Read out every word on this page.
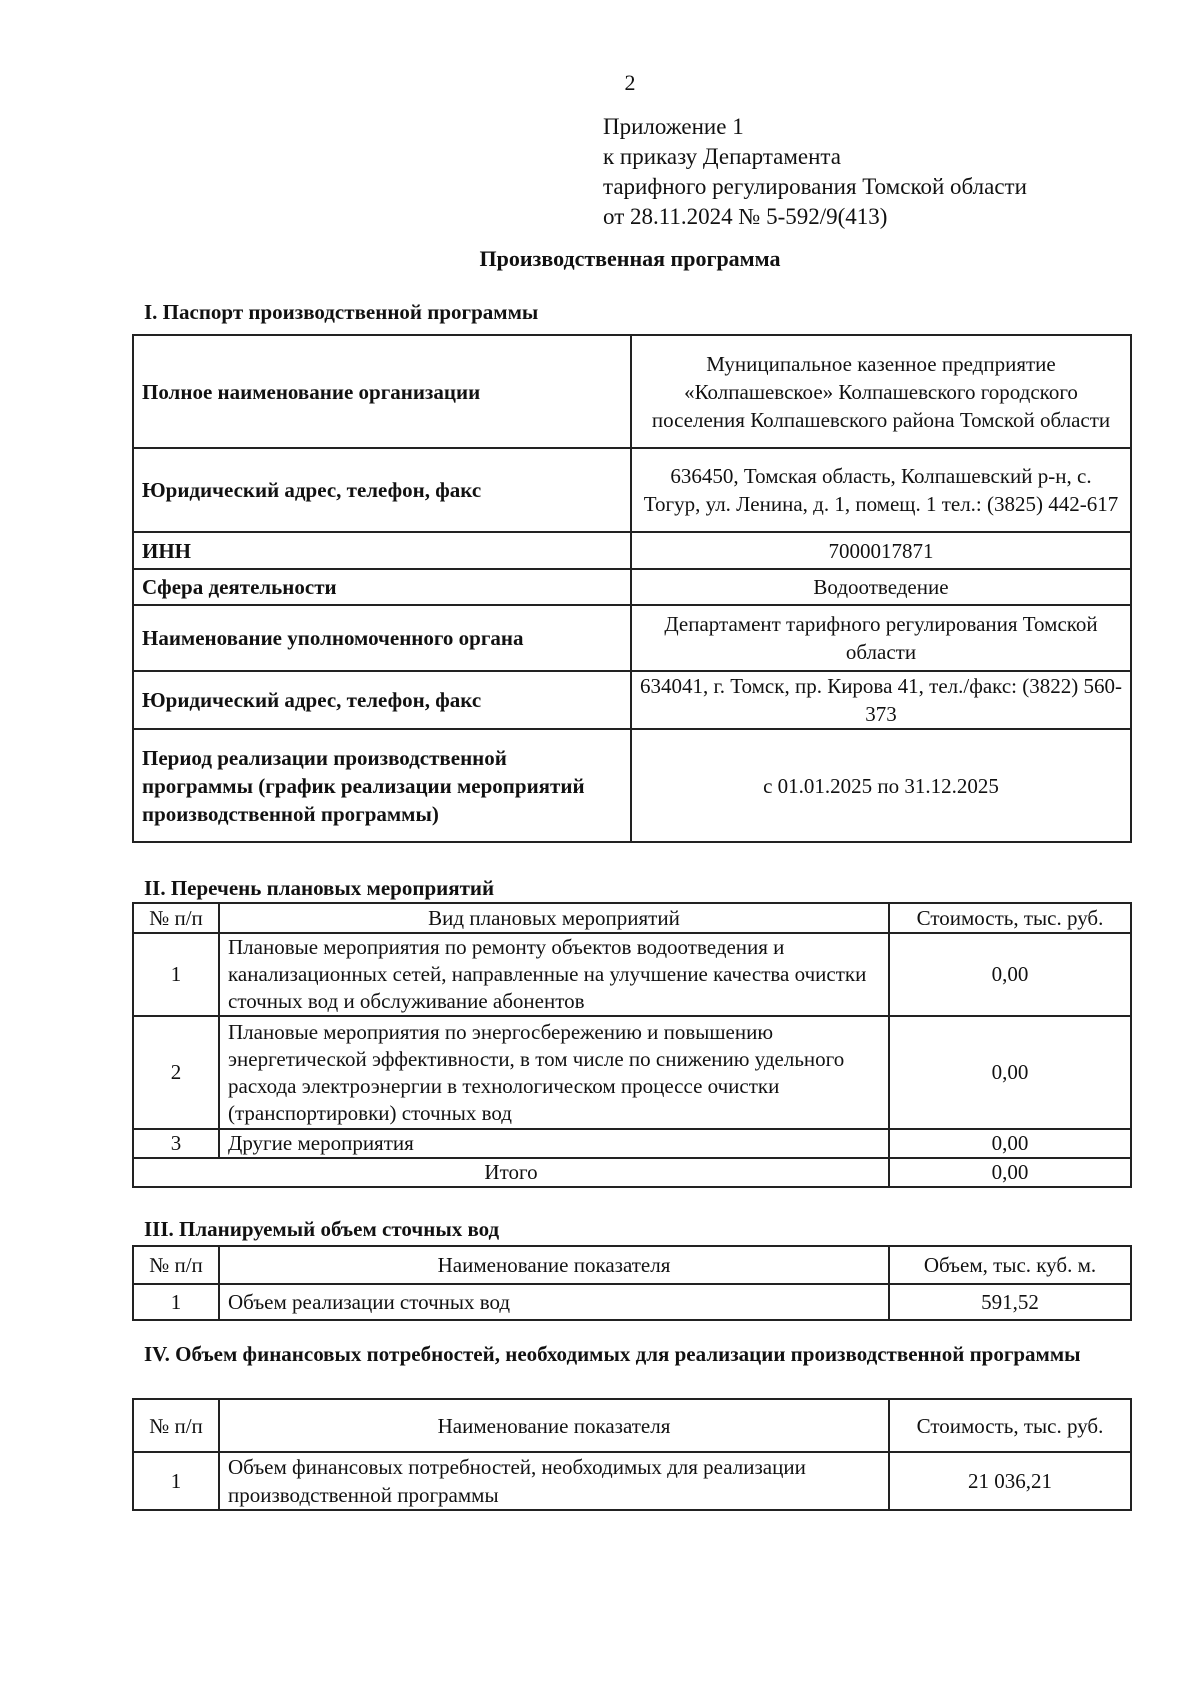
2
Приложение 1
к приказу Департамента
тарифного регулирования Томской области
от 28.11.2024 № 5-592/9(413)
Производственная программа
I. Паспорт производственной программы
Полное наименование организации	Муниципальное казенное предприятие «Колпашевское» Колпашевского городского поселения Колпашевского района Томской области
Юридический адрес, телефон, факс	636450, Томская область, Колпашевский р-н, с. Тогур, ул. Ленина, д. 1, помещ. 1 тел.: (3825) 442-617
ИНН	7000017871
Сфера деятельности	Водоотведение
Наименование уполномоченного органа	Департамент тарифного регулирования Томской области
Юридический адрес, телефон, факс	634041, г. Томск, пр. Кирова 41, тел./факс: (3822) 560-373
Период реализации производственной программы (график реализации мероприятий производственной программы)	с 01.01.2025 по 31.12.2025
II. Перечень плановых мероприятий
№ п/п	Вид плановых мероприятий	Стоимость, тыс. руб.
1	Плановые мероприятия по ремонту объектов водоотведения и канализационных сетей, направленные на улучшение качества очистки сточных вод и обслуживание абонентов	0,00
2	Плановые мероприятия по энергосбережению и повышению энергетической эффективности, в том числе по снижению удельного расхода электроэнергии в технологическом процессе очистки (транспортировки) сточных вод	0,00
3	Другие мероприятия	0,00
Итого		0,00
III. Планируемый объем сточных вод
№ п/п	Наименование показателя	Объем, тыс. куб. м.
1	Объем реализации сточных вод	591,52
IV. Объем финансовых потребностей, необходимых для реализации производственной программы
№ п/п	Наименование показателя	Стоимость, тыс. руб.
1	Объем финансовых потребностей, необходимых для реализации производственной программы	21 036,21
